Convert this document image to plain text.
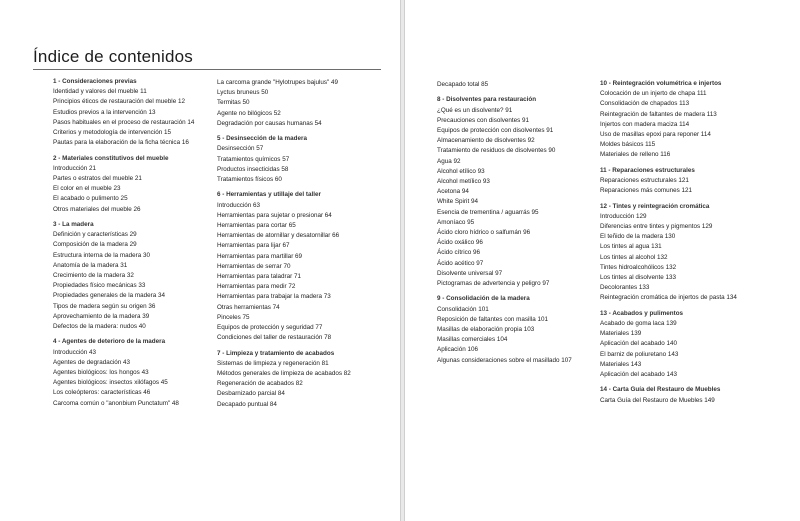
Índice de contenidos
1 - Consideraciones previas
Identidad y valores del mueble 11
Principios éticos de restauración del mueble 12
Estudios previos a la intervención 13
Pasos habituales en el proceso de restauración 14
Criterios y metodología de intervención 15
Pautas para la elaboración de la ficha técnica 16
2 - Materiales constitutivos del mueble
Introducción 21
Partes o estratos del mueble 21
El color en el mueble 23
El acabado o pulimento 25
Otros materiales del mueble 26
3 - La madera
Definición y características 29
Composición de la madera 29
Estructura interna de la madera 30
Anatomía de la madera 31
Crecimiento de la madera 32
Propiedades físico mecánicas 33
Propiedades generales de la madera 34
Tipos de madera según su origen 36
Aprovechamiento de la madera 39
Defectos de la madera: nudos 40
4 - Agentes de deterioro de la madera
Introducción 43
Agentes de degradación 43
Agentes biológicos: los hongos 43
Agentes biológicos: insectos xilófagos 45
Los coleópteros: características 46
Carcoma común o "anonbium Punctatum" 48
La carcoma grande "Hylotrupes bajulus" 49
Lyctus bruneus 50
Termitas 50
Agente no bilógicos 52
Degradación por causas humanas 54
5 - Desinsección de la madera
Desinsección 57
Tratamientos químicos 57
Productos insecticidas 58
Tratamientos físicos 60
6 - Herramientas y utillaje del taller
Introducción 63
Herramientas para sujetar o presionar 64
Herramientas para cortar 65
Herramientas de atornillar y desatornillar 66
Herramientas para lijar 67
Herramientas para martillar 69
Herramientas de serrar 70
Herramientas para taladrar 71
Herramientas para medir 72
Herramientas para trabajar la madera 73
Otras herramientas 74
Pinceles 75
Equipos de protección y seguridad 77
Condiciones del taller de restauración 78
7 - Limpieza y tratamiento de acabados
Sistemas de limpieza y regeneración 81
Métodos generales de limpieza de acabados 82
Regeneración de acabados 82
Desbarnizado parcial 84
Decapado puntual 84
Decapado total 85
8 - Disolventes para restauración
¿Qué es un disolvente? 91
Precauciones con disolventes 91
Equipos de protección con disolventes 91
Almacenamiento de disolventes 92
Tratamiento de residuos de disolventes 90
Agua 92
Alcohol etílico 93
Alcohol metílico 93
Acetona 94
White Spirit 94
Esencia de trementina / aguarrás 95
Amoníaco 95
Ácido cloro hídrico o salfumán 96
Ácido oxálico 96
Ácido cítrico 96
Ácido acético 97
Disolvente universal 97
Pictogramas de advertencia y peligro 97
9 - Consolidación de la madera
Consolidación 101
Reposición de faltantes con masilla 101
Masillas de elaboración propia 103
Masillas comerciales 104
Aplicación 106
Algunas consideraciones sobre el masillado 107
10 - Reintegración volumétrica e injertos
Colocación de un injerto de chapa 111
Consolidación de chapados 113
Reintegración de faltantes de madera 113
Injertos con madera maciza 114
Uso de masillas epoxi para reponer 114
Moldes básicos 115
Materiales de relleno 116
11 - Reparaciones estructurales
Reparaciones estructurales 121
Reparaciones más comunes 121
12 - Tintes y reintegración cromática
Introducción 129
Diferencias entre tintes y pigmentos 129
El teñido de la madera 130
Los tintes al agua 131
Los tintes al alcohol 132
Tintes hidroalcohólicos 132
Los tintes al disolvente 133
Decolorantes 133
Reintegración cromática de injertos de pasta 134
13 - Acabados y pulimentos
Acabado de goma laca 139
Materiales 139
Aplicación del acabado 140
El barniz de poliuretano 143
Materiales 143
Aplicación del acabado 143
14 - Carta Guía del Restauro de Muebles
Carta Guía del Restauro de Muebles 149
